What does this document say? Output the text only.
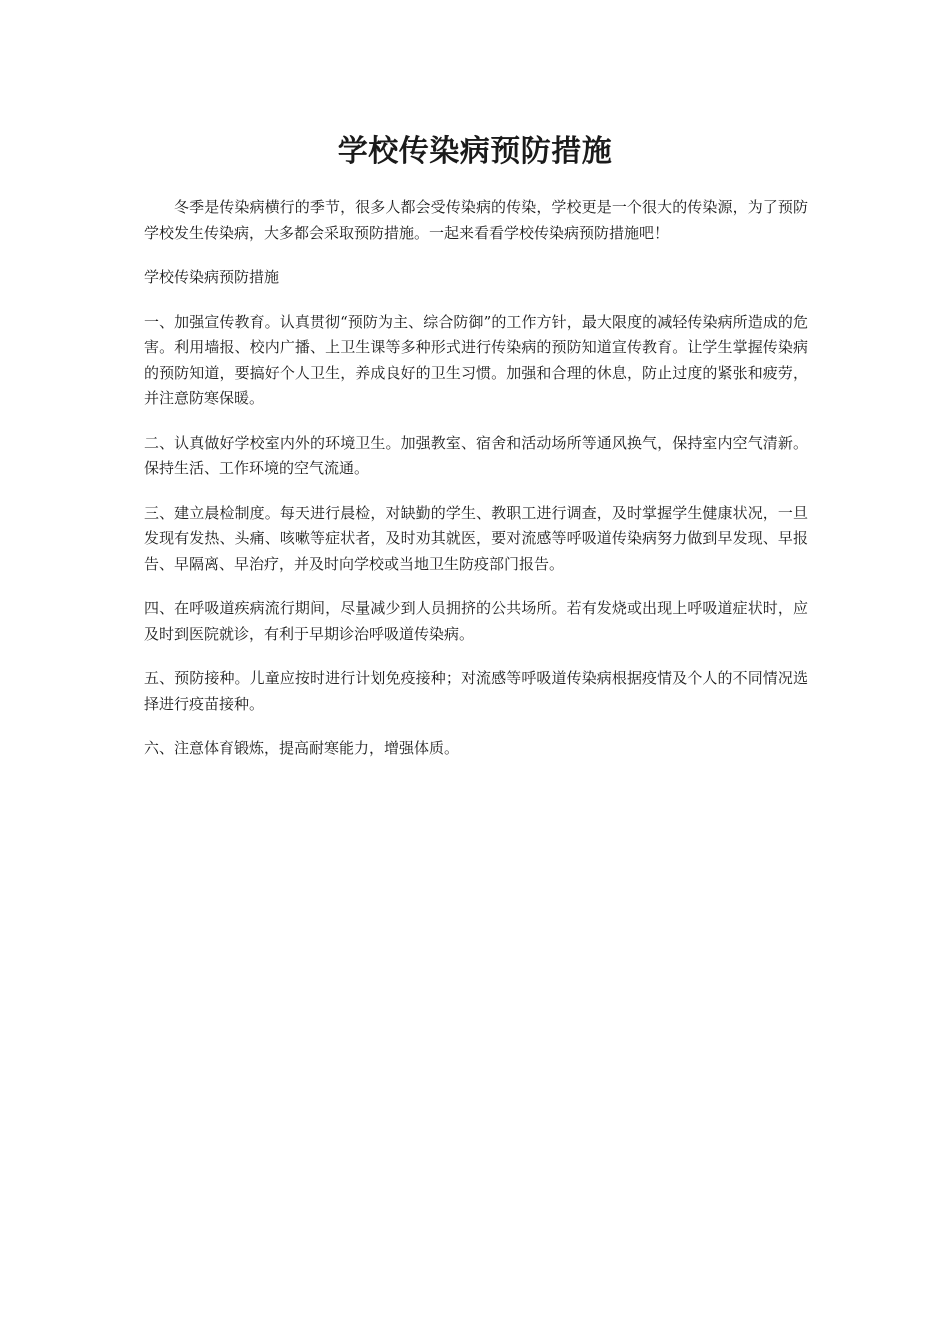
学校传染病预防措施

冬季是传染病横行的季节，很多人都会受传染病的传染，学校更是一个很大的传染源，为了预防学校发生传染病，大多都会采取预防措施。一起来看看学校传染病预防措施吧！

学校传染病预防措施

一、加强宣传教育。认真贯彻“预防为主、综合防御”的工作方针，最大限度的减轻传染病所造成的危害。利用墙报、校内广播、上卫生课等多种形式进行传染病的预防知道宣传教育。让学生掌握传染病的预防知道，要搞好个人卫生，养成良好的卫生习惯。加强和合理的休息，防止过度的紧张和疲劳，并注意防寒保暖。

二、认真做好学校室内外的环境卫生。加强教室、宿舍和活动场所等通风换气，保持室内空气清新。保持生活、工作环境的空气流通。

三、建立晨检制度。每天进行晨检，对缺勤的学生、教职工进行调查，及时掌握学生健康状况，一旦发现有发热、头痛、咳嗽等症状者，及时劝其就医，要对流感等呼吸道传染病努力做到早发现、早报告、早隔离、早治疗，并及时向学校或当地卫生防疫部门报告。

四、在呼吸道疾病流行期间，尽量减少到人员拥挤的公共场所。若有发烧或出现上呼吸道症状时，应及时到医院就诊，有利于早期诊治呼吸道传染病。

五、预防接种。儿童应按时进行计划免疫接种；对流感等呼吸道传染病根据疫情及个人的不同情况选择进行疫苗接种。

六、注意体育锻炼，提高耐寒能力，增强体质。
